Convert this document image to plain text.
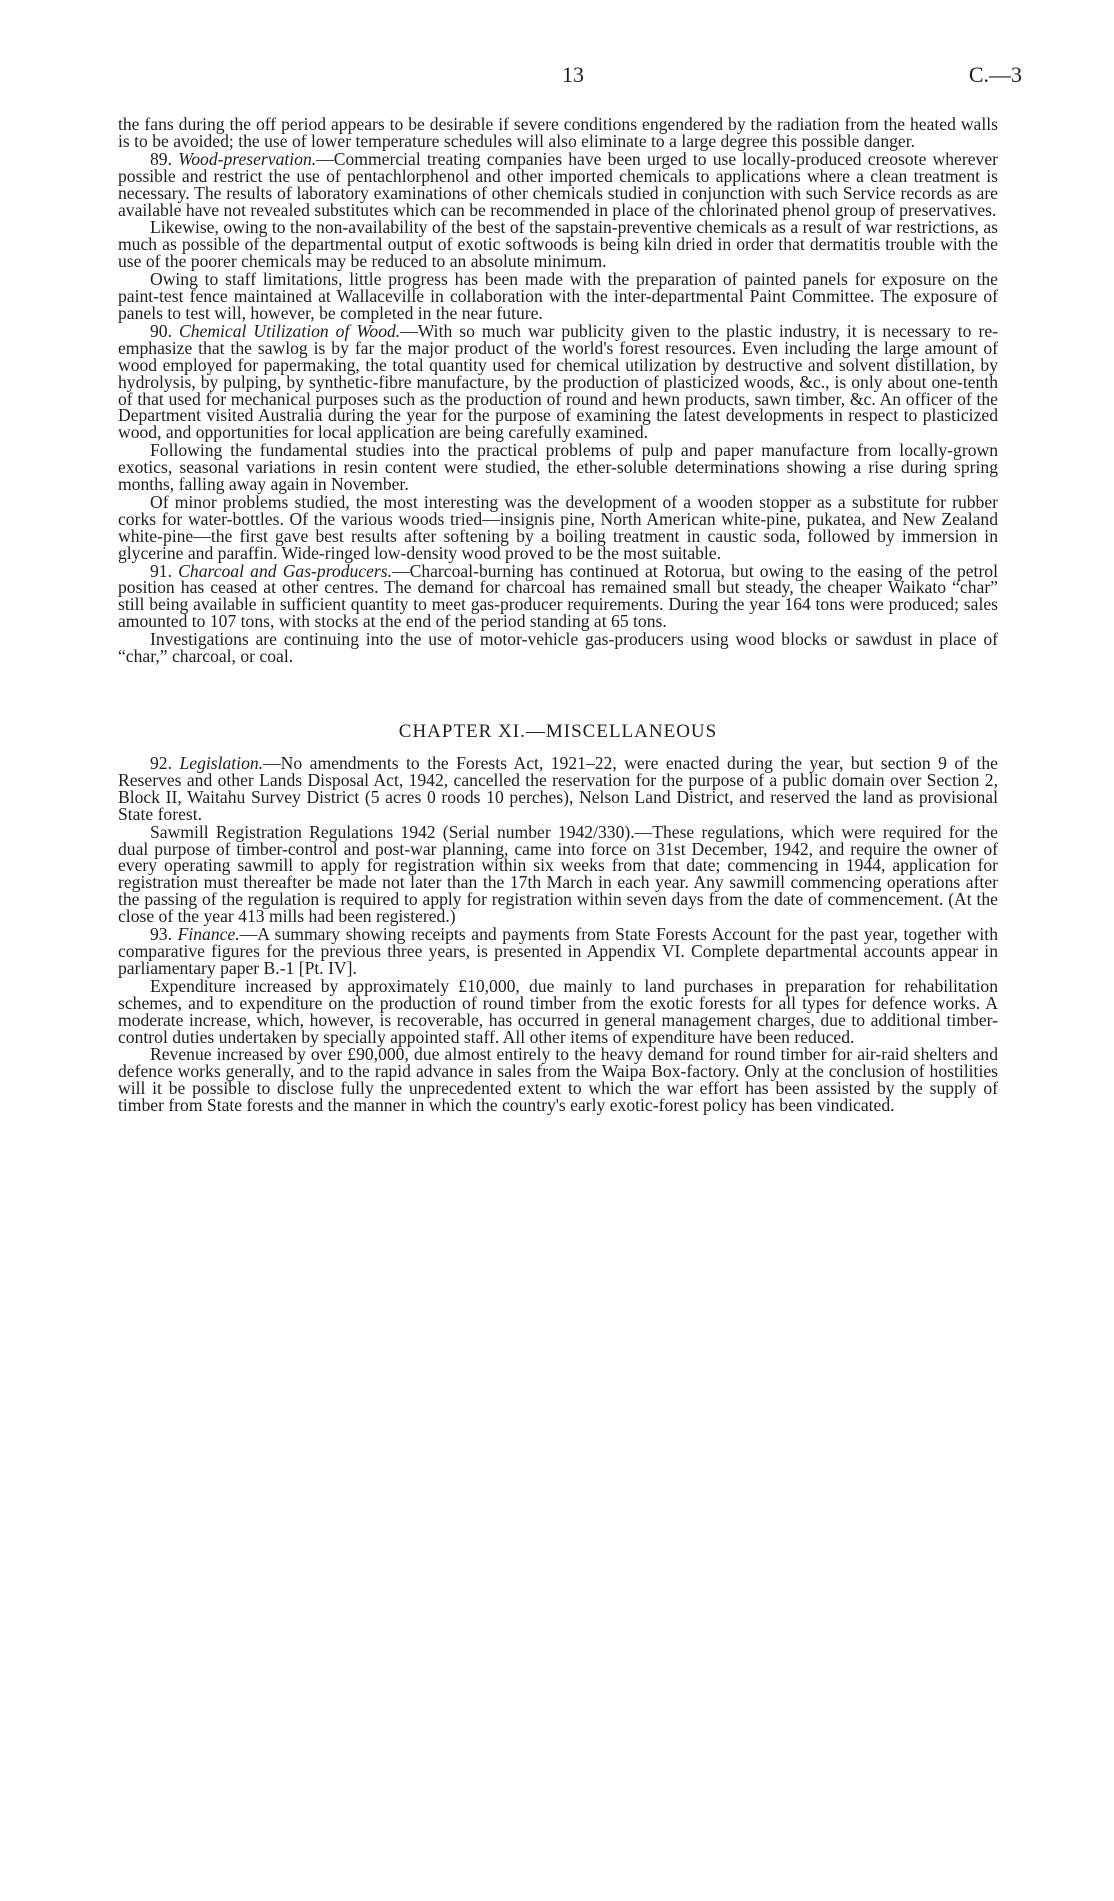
13	C.—3

the fans during the off period appears to be desirable if severe conditions engendered by the radiation from the heated walls is to be avoided; the use of lower temperature schedules will also eliminate to a large degree this possible danger.

89. Wood-preservation.—Commercial treating companies have been urged to use locally-produced creosote wherever possible and restrict the use of pentachlorphenol and other imported chemicals to applications where a clean treatment is necessary. The results of laboratory examinations of other chemicals studied in conjunction with such Service records as are available have not revealed substitutes which can be recommended in place of the chlorinated phenol group of preservatives.

Likewise, owing to the non-availability of the best of the sapstain-preventive chemicals as a result of war restrictions, as much as possible of the departmental output of exotic softwoods is being kiln dried in order that dermatitis trouble with the use of the poorer chemicals may be reduced to an absolute minimum.

Owing to staff limitations, little progress has been made with the preparation of painted panels for exposure on the paint-test fence maintained at Wallaceville in collaboration with the inter-departmental Paint Committee. The exposure of panels to test will, however, be completed in the near future.

90. Chemical Utilization of Wood.—With so much war publicity given to the plastic industry, it is necessary to re-emphasize that the sawlog is by far the major product of the world's forest resources. Even including the large amount of wood employed for papermaking, the total quantity used for chemical utilization by destructive and solvent distillation, by hydrolysis, by pulping, by synthetic-fibre manufacture, by the production of plasticized woods, &c., is only about one-tenth of that used for mechanical purposes such as the production of round and hewn products, sawn timber, &c. An officer of the Department visited Australia during the year for the purpose of examining the latest developments in respect to plasticized wood, and opportunities for local application are being carefully examined.

Following the fundamental studies into the practical problems of pulp and paper manufacture from locally-grown exotics, seasonal variations in resin content were studied, the ether-soluble determinations showing a rise during spring months, falling away again in November.

Of minor problems studied, the most interesting was the development of a wooden stopper as a substitute for rubber corks for water-bottles. Of the various woods tried—insignis pine, North American white-pine, pukatea, and New Zealand white-pine—the first gave best results after softening by a boiling treatment in caustic soda, followed by immersion in glycerine and paraffin. Wide-ringed low-density wood proved to be the most suitable.

91. Charcoal and Gas-producers.—Charcoal-burning has continued at Rotorua, but owing to the easing of the petrol position has ceased at other centres. The demand for charcoal has remained small but steady, the cheaper Waikato “char” still being available in sufficient quantity to meet gas-producer requirements. During the year 164 tons were produced; sales amounted to 107 tons, with stocks at the end of the period standing at 65 tons.

Investigations are continuing into the use of motor-vehicle gas-producers using wood blocks or sawdust in place of “char,” charcoal, or coal.

CHAPTER XI.—MISCELLANEOUS

92. Legislation.—No amendments to the Forests Act, 1921–22, were enacted during the year, but section 9 of the Reserves and other Lands Disposal Act, 1942, cancelled the reservation for the purpose of a public domain over Section 2, Block II, Waitahu Survey District (5 acres 0 roods 10 perches), Nelson Land District, and reserved the land as provisional State forest.

Sawmill Registration Regulations 1942 (Serial number 1942/330).—These regulations, which were required for the dual purpose of timber-control and post-war planning, came into force on 31st December, 1942, and require the owner of every operating sawmill to apply for registration within six weeks from that date; commencing in 1944, application for registration must thereafter be made not later than the 17th March in each year. Any sawmill commencing operations after the passing of the regulation is required to apply for registration within seven days from the date of commencement. (At the close of the year 413 mills had been registered.)

93. Finance.—A summary showing receipts and payments from State Forests Account for the past year, together with comparative figures for the previous three years, is presented in Appendix VI. Complete departmental accounts appear in parliamentary paper B.-1 [Pt. IV].

Expenditure increased by approximately £10,000, due mainly to land purchases in preparation for rehabilitation schemes, and to expenditure on the production of round timber from the exotic forests for all types for defence works. A moderate increase, which, however, is recoverable, has occurred in general management charges, due to additional timber-control duties undertaken by specially appointed staff. All other items of expenditure have been reduced.

Revenue increased by over £90,000, due almost entirely to the heavy demand for round timber for air-raid shelters and defence works generally, and to the rapid advance in sales from the Waipa Box-factory. Only at the conclusion of hostilities will it be possible to disclose fully the unprecedented extent to which the war effort has been assisted by the supply of timber from State forests and the manner in which the country's early exotic-forest policy has been vindicated.
